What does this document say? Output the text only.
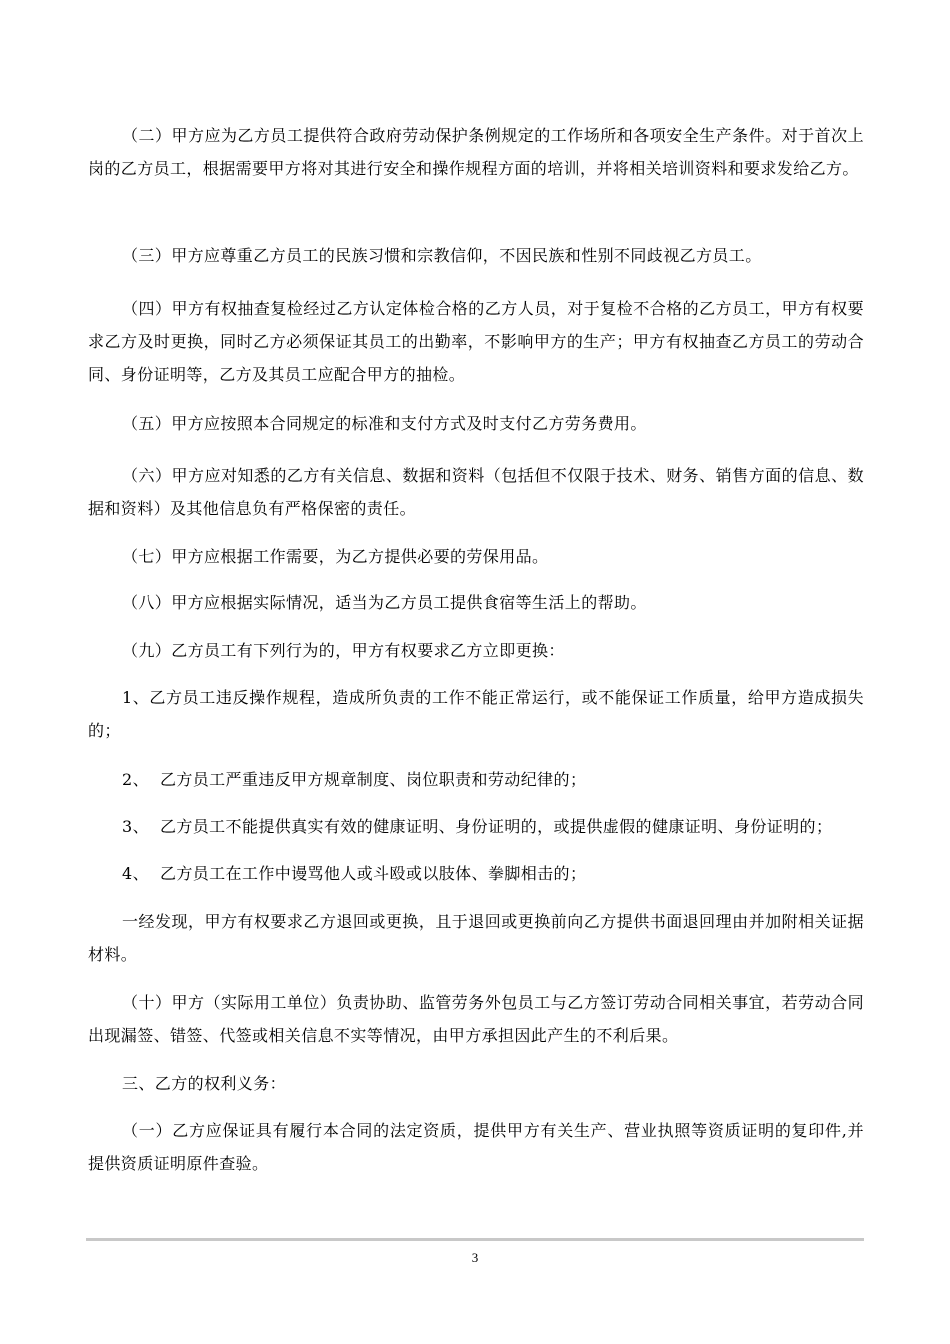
（二）甲方应为乙方员工提供符合政府劳动保护条例规定的工作场所和各项安全生产条件。对于首次上岗的乙方员工，根据需要甲方将对其进行安全和操作规程方面的培训，并将相关培训资料和要求发给乙方。

（三）甲方应尊重乙方员工的民族习惯和宗教信仰，不因民族和性别不同歧视乙方员工。

（四）甲方有权抽查复检经过乙方认定体检合格的乙方人员，对于复检不合格的乙方员工，甲方有权要求乙方及时更换，同时乙方必须保证其员工的出勤率，不影响甲方的生产；甲方有权抽查乙方员工的劳动合同、身份证明等，乙方及其员工应配合甲方的抽检。

（五）甲方应按照本合同规定的标准和支付方式及时支付乙方劳务费用。

（六）甲方应对知悉的乙方有关信息、数据和资料（包括但不仅限于技术、财务、销售方面的信息、数据和资料）及其他信息负有严格保密的责任。

（七）甲方应根据工作需要，为乙方提供必要的劳保用品。

（八）甲方应根据实际情况，适当为乙方员工提供食宿等生活上的帮助。

（九）乙方员工有下列行为的，甲方有权要求乙方立即更换：

1、乙方员工违反操作规程，造成所负责的工作不能正常运行，或不能保证工作质量，给甲方造成损失的；

2、  乙方员工严重违反甲方规章制度、岗位职责和劳动纪律的；

3、  乙方员工不能提供真实有效的健康证明、身份证明的，或提供虚假的健康证明、身份证明的；

4、  乙方员工在工作中谩骂他人或斗殴或以肢体、拳脚相击的；

一经发现，甲方有权要求乙方退回或更换，且于退回或更换前向乙方提供书面退回理由并加附相关证据材料。

（十）甲方（实际用工单位）负责协助、监管劳务外包员工与乙方签订劳动合同相关事宜，若劳动合同出现漏签、错签、代签或相关信息不实等情况，由甲方承担因此产生的不利后果。

三、乙方的权利义务：

（一）乙方应保证具有履行本合同的法定资质，提供甲方有关生产、营业执照等资质证明的复印件,并提供资质证明原件查验。

3
